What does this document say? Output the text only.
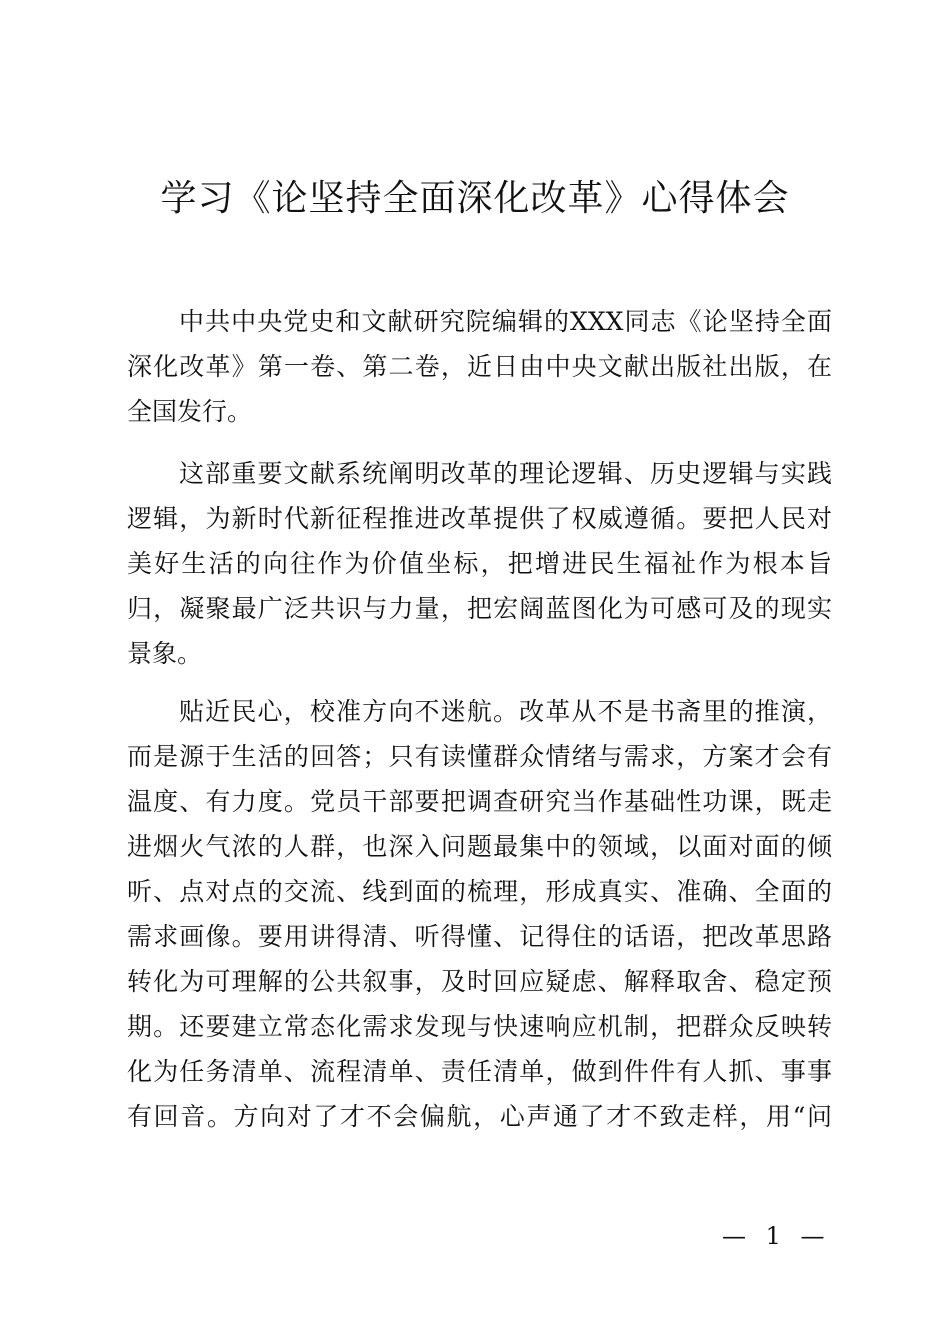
学习《论坚持全面深化改革》心得体会
中共中央党史和文献研究院编辑的XXX同志《论坚持全面
深化改革》第一卷、第二卷，近日由中央文献出版社出版，在
全国发行。
这部重要文献系统阐明改革的理论逻辑、历史逻辑与实践
逻辑，为新时代新征程推进改革提供了权威遵循。要把人民对
美好生活的向往作为价值坐标，把增进民生福祉作为根本旨
归，凝聚最广泛共识与力量，把宏阔蓝图化为可感可及的现实
景象。
贴近民心，校准方向不迷航。改革从不是书斋里的推演，
而是源于生活的回答；只有读懂群众情绪与需求，方案才会有
温度、有力度。党员干部要把调查研究当作基础性功课，既走
进烟火气浓的人群，也深入问题最集中的领域，以面对面的倾
听、点对点的交流、线到面的梳理，形成真实、准确、全面的
需求画像。要用讲得清、听得懂、记得住的话语，把改革思路
转化为可理解的公共叙事，及时回应疑虑、解释取舍、稳定预
期。还要建立常态化需求发现与快速响应机制，把群众反映转
化为任务清单、流程清单、责任清单，做到件件有人抓、事事
有回音。方向对了才不会偏航，心声通了才不致走样，用“问
— 1 —
